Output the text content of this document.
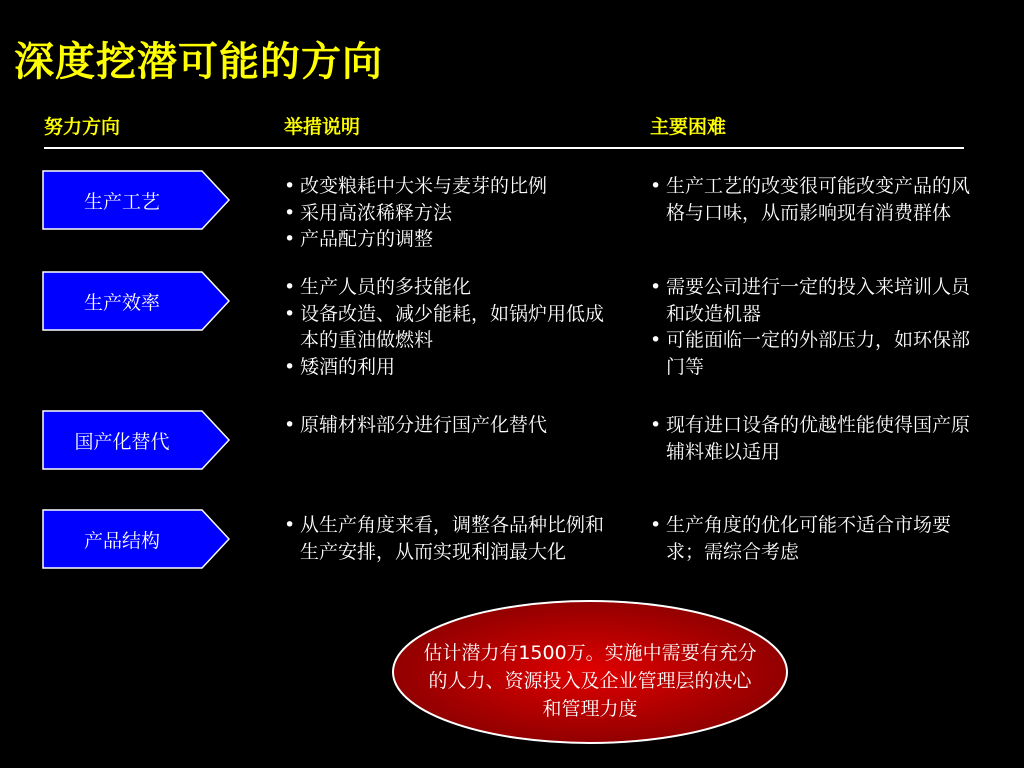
深度挖潜可能的方向
努力方向	举措说明	主要困难
生产工艺
• 改变粮耗中大米与麦芽的比例
• 采用高浓稀释方法
• 产品配方的调整
• 生产工艺的改变很可能改变产品的风格与口味，从而影响现有消费群体
生产效率
• 生产人员的多技能化
• 设备改造、减少能耗，如锅炉用低成本的重油做燃料
• 矮酒的利用
• 需要公司进行一定的投入来培训人员和改造机器
• 可能面临一定的外部压力，如环保部门等
国产化替代
• 原辅材料部分进行国产化替代
•	现有进口设备的优越性能使得国产原辅料难以适用
产品结构
• 从生产角度来看，调整各品种比例和生产安排，从而实现利润最大化
• 生产角度的优化可能不适合市场要求；需综合考虑
估计潜力有1500万。实施中需要有充分的人力、资源投入及企业管理层的决心和管理力度
